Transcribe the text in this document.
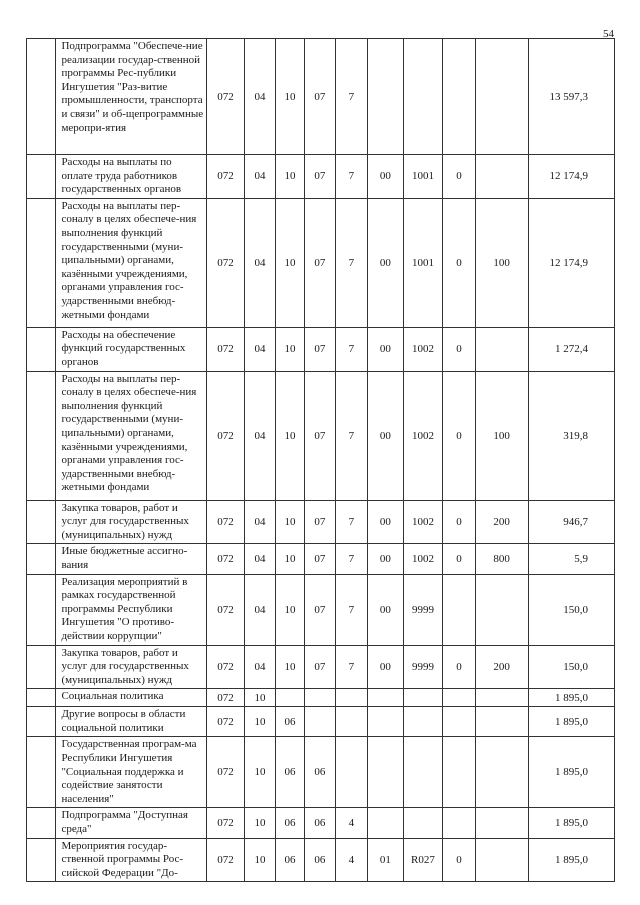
54
	Подпрограмма "Обеспече-ние реализации государ-ственной программы Рес-публики Ингушетия "Раз-витие промышленности, транспорта и связи" и об-щепрограммные меропри-ятия	072	04	10	07	7					13 597,3
	Расходы на выплаты по оплате труда работников государственных органов	072	04	10	07	7	00	1001	0		12 174,9
	Расходы на выплаты пер-соналу в целях обеспече-ния выполнения функций государственными (муни-ципальными) органами, казёнными учреждениями, органами управления гос-ударственными внебюд-жетными фондами	072	04	10	07	7	00	1001	0	100	12 174,9
	Расходы на обеспечение функций государственных органов	072	04	10	07	7	00	1002	0		1 272,4
	Расходы на выплаты пер-соналу в целях обеспече-ния выполнения функций государственными (муни-ципальными) органами, казёнными учреждениями, органами управления гос-ударственными внебюд-жетными фондами	072	04	10	07	7	00	1002	0	100	319,8
	Закупка товаров, работ и услуг для государственных (муниципальных) нужд	072	04	10	07	7	00	1002	0	200	946,7
	Иные бюджетные ассигно-вания	072	04	10	07	7	00	1002	0	800	5,9
	Реализация мероприятий в рамках государственной программы Республики Ингушетия "О противо-действии коррупции"	072	04	10	07	7	00	9999			150,0
	Закупка товаров, работ и услуг для государственных (муниципальных) нужд	072	04	10	07	7	00	9999	0	200	150,0
	Социальная политика	072	10								1 895,0
	Другие вопросы в области социальной политики	072	10	06							1 895,0
	Государственная програм-ма Республики Ингушетия "Социальная поддержка и содействие занятости населения"	072	10	06	06						1 895,0
	Подпрограмма "Доступная среда"	072	10	06	06	4					1 895,0
	Мероприятия государ-ственной программы Рос-сийской Федерации "До-	072	10	06	06	4	01	R027	0		1 895,0
